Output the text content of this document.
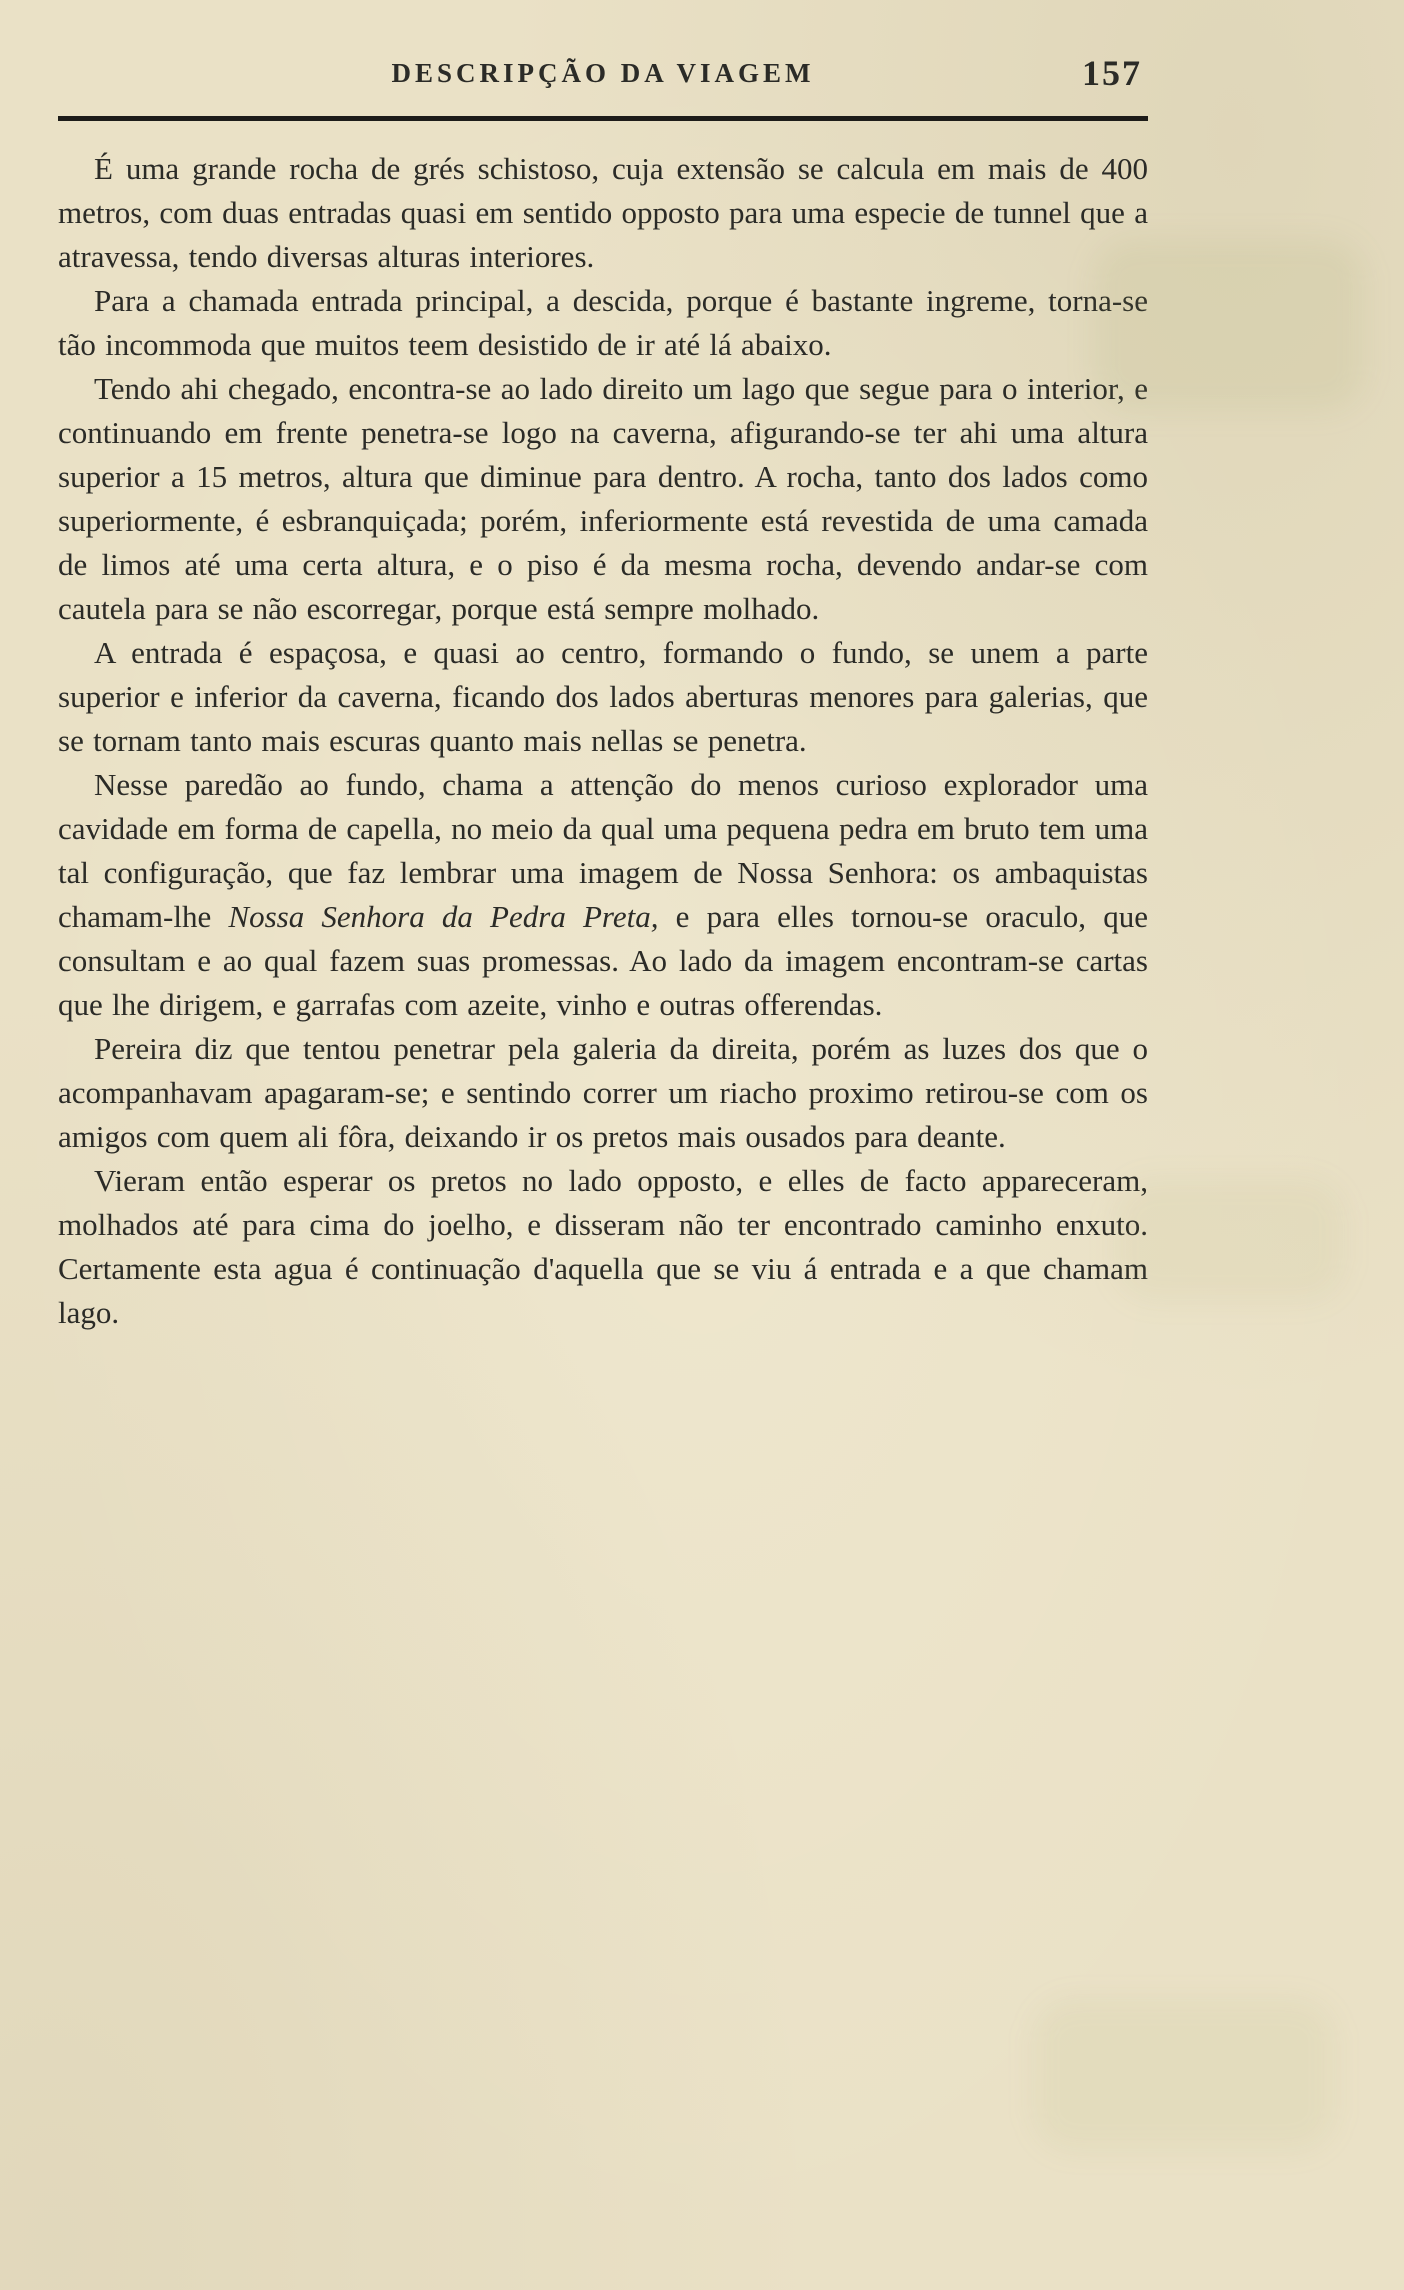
DESCRIPÇÃO DA VIAGEM	157

É uma grande rocha de grés schistoso, cuja extensão se calcula em mais de 400 metros, com duas entradas quasi em sentido opposto para uma especie de tunnel que a atravessa, tendo diversas alturas interiores.

Para a chamada entrada principal, a descida, porque é bastante ingreme, torna-se tão incommoda que muitos teem desistido de ir até lá abaixo.

Tendo ahi chegado, encontra-se ao lado direito um lago que segue para o interior, e continuando em frente penetra-se logo na caverna, afigurando-se ter ahi uma altura superior a 15 metros, altura que diminue para dentro. A rocha, tanto dos lados como superiormente, é esbranquiçada; porém, inferiormente está revestida de uma camada de limos até uma certa altura, e o piso é da mesma rocha, devendo andar-se com cautela para se não escorregar, porque está sempre molhado.

A entrada é espaçosa, e quasi ao centro, formando o fundo, se unem a parte superior e inferior da caverna, ficando dos lados aberturas menores para galerias, que se tornam tanto mais escuras quanto mais nellas se penetra.

Nesse paredão ao fundo, chama a attenção do menos curioso explorador uma cavidade em forma de capella, no meio da qual uma pequena pedra em bruto tem uma tal configuração, que faz lembrar uma imagem de Nossa Senhora: os ambaquistas chamam-lhe Nossa Senhora da Pedra Preta, e para elles tornou-se oraculo, que consultam e ao qual fazem suas promessas. Ao lado da imagem encontram-se cartas que lhe dirigem, e garrafas com azeite, vinho e outras offerendas.

Pereira diz que tentou penetrar pela galeria da direita, porém as luzes dos que o acompanhavam apagaram-se; e sentindo correr um riacho proximo retirou-se com os amigos com quem ali fôra, deixando ir os pretos mais ousados para deante.

Vieram então esperar os pretos no lado opposto, e elles de facto appareceram, molhados até para cima do joelho, e disseram não ter encontrado caminho enxuto. Certamente esta agua é continuação d'aquella que se viu á entrada e a que chamam lago.
